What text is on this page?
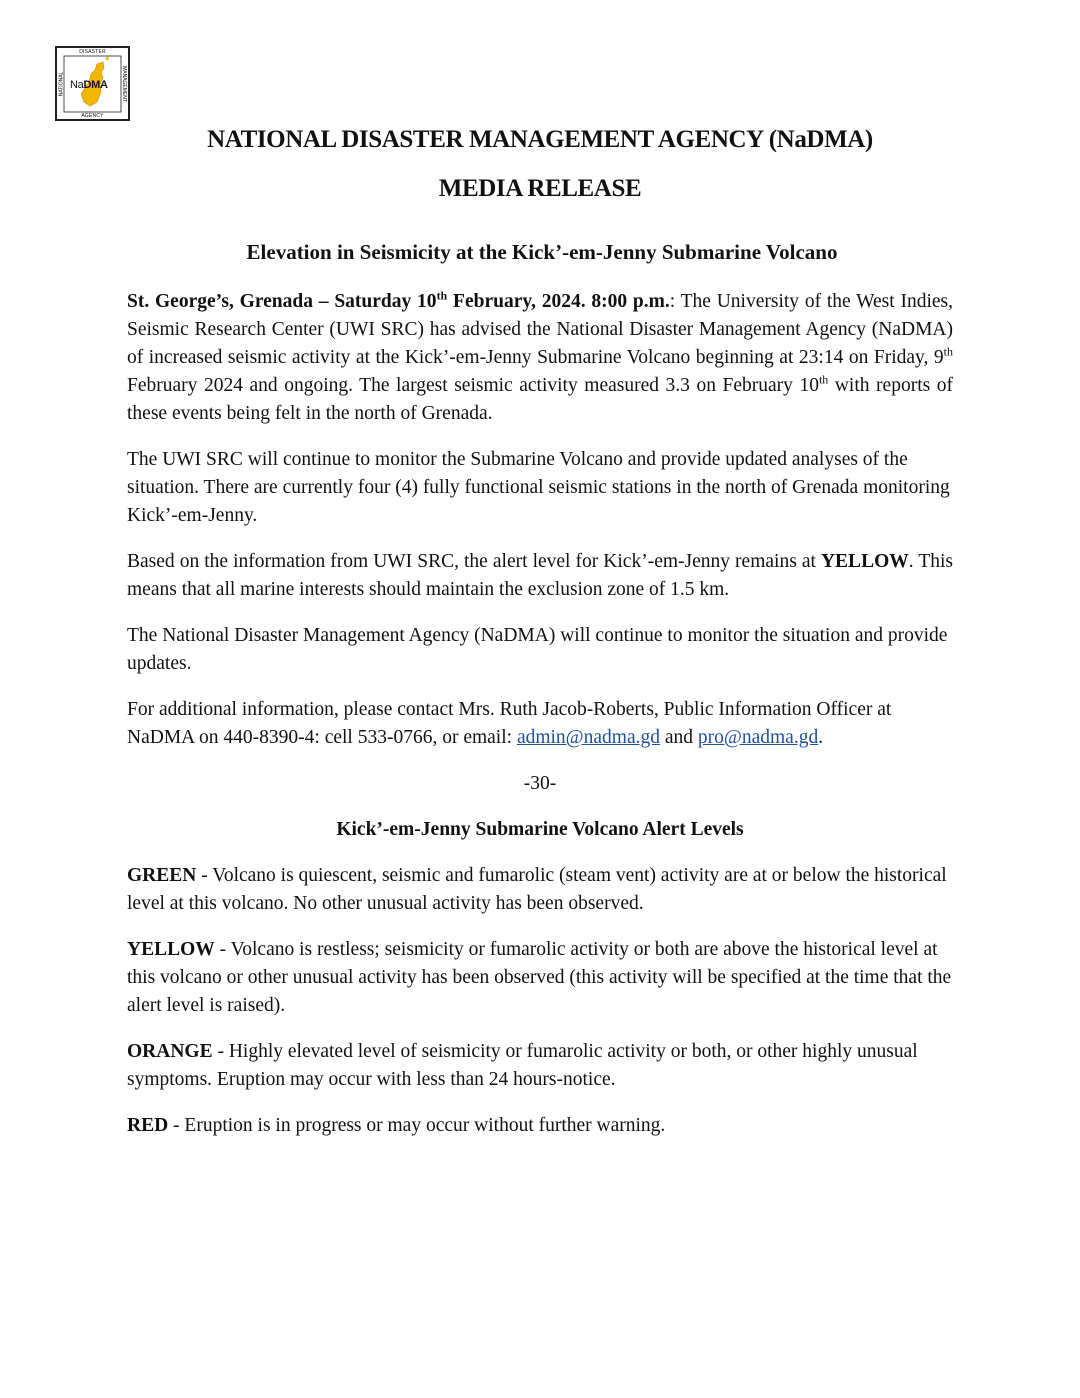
DISASTER
AGENCY
NATIONAL	MANAGEMENT
NaDMA
NATIONAL DISASTER MANAGEMENT AGENCY (NaDMA)
MEDIA RELEASE
Elevation in Seismicity at the Kick’-em-Jenny Submarine Volcano

St. George’s, Grenada – Saturday 10th February, 2024. 8:00 p.m.: The University of the West Indies, Seismic Research Center (UWI SRC) has advised the National Disaster Management Agency (NaDMA) of increased seismic activity at the Kick’-em-Jenny Submarine Volcano beginning at 23:14 on Friday, 9th February 2024 and ongoing. The largest seismic activity measured 3.3 on February 10th with reports of these events being felt in the north of Grenada.

The UWI SRC will continue to monitor the Submarine Volcano and provide updated analyses of the situation. There are currently four (4) fully functional seismic stations in the north of Grenada monitoring Kick’-em-Jenny.

Based on the information from UWI SRC, the alert level for Kick’-em-Jenny remains at YELLOW. This means that all marine interests should maintain the exclusion zone of 1.5 km.

The National Disaster Management Agency (NaDMA) will continue to monitor the situation and provide updates.

For additional information, please contact Mrs. Ruth Jacob-Roberts, Public Information Officer at NaDMA on 440-8390-4: cell 533-0766, or email: admin@nadma.gd and pro@nadma.gd.

-30-
Kick’-em-Jenny Submarine Volcano Alert Levels

GREEN - Volcano is quiescent, seismic and fumarolic (steam vent) activity are at or below the historical level at this volcano. No other unusual activity has been observed.

YELLOW - Volcano is restless; seismicity or fumarolic activity or both are above the historical level at this volcano or other unusual activity has been observed (this activity will be specified at the time that the alert level is raised).

ORANGE - Highly elevated level of seismicity or fumarolic activity or both, or other highly unusual symptoms. Eruption may occur with less than 24 hours-notice.

RED - Eruption is in progress or may occur without further warning.
